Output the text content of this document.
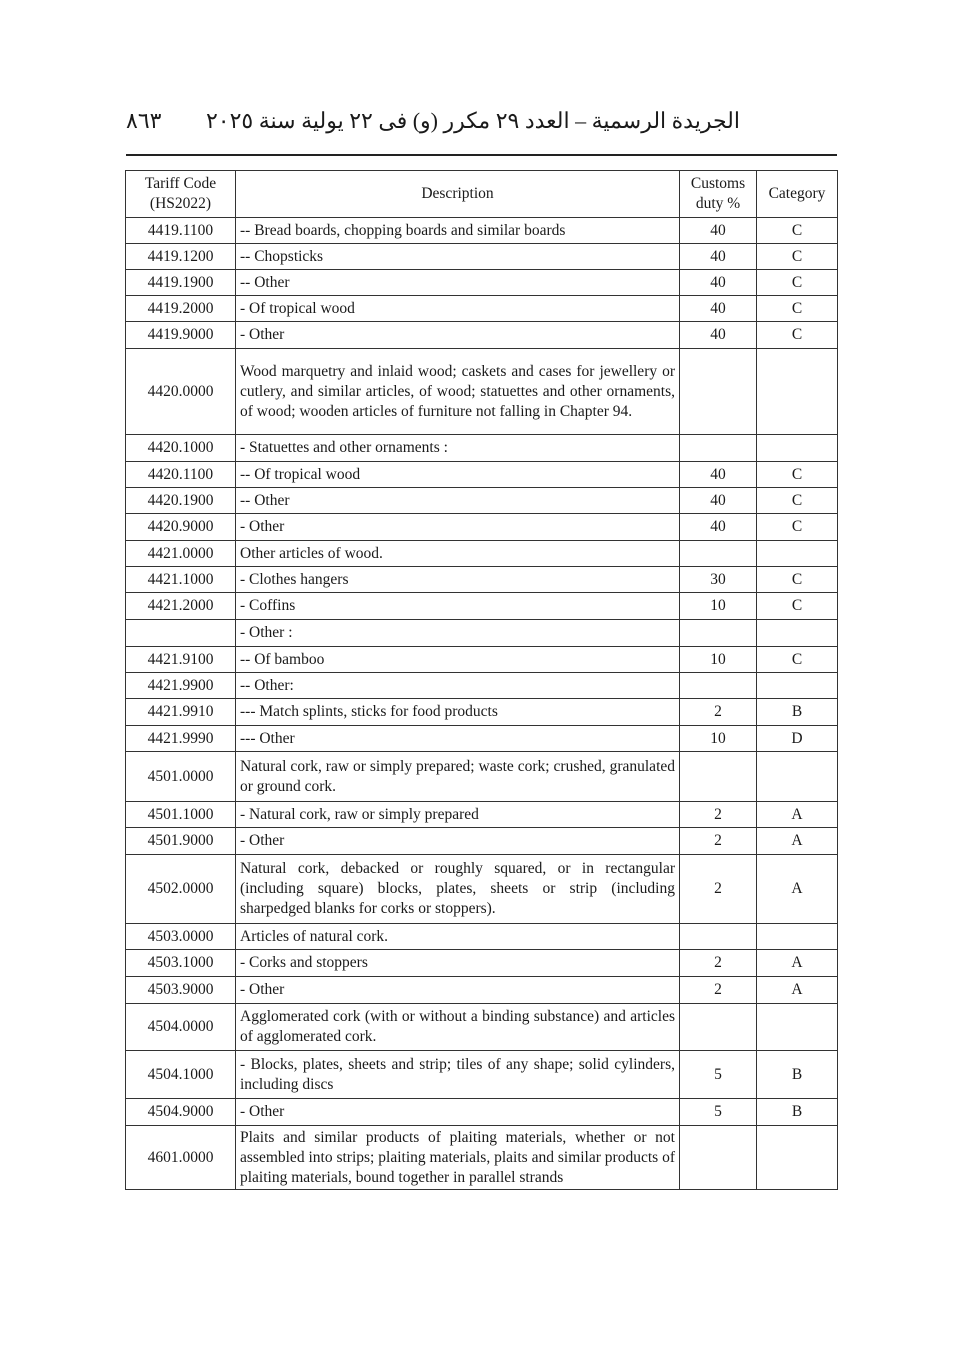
٨٦٣ الجريدة الرسمية – العدد ٢٩ مكرر (و) فى ٢٢ يولية سنة ٢٠٢٥
Tariff Code (HS2022)	Description	Customs duty %	Category
4419.1100	-- Bread boards, chopping boards and similar boards	40	C
4419.1200	-- Chopsticks	40	C
4419.1900	-- Other	40	C
4419.2000	- Of tropical wood	40	C
4419.9000	- Other	40	C
4420.0000	Wood marquetry and inlaid wood; caskets and cases for jewellery or cutlery, and similar articles, of wood; statuettes and other ornaments, of wood; wooden articles of furniture not falling in Chapter 94.		
4420.1000	- Statuettes and other ornaments :		
4420.1100	-- Of tropical wood	40	C
4420.1900	-- Other	40	C
4420.9000	- Other	40	C
4421.0000	Other articles of wood.		
4421.1000	- Clothes hangers	30	C
4421.2000	- Coffins	10	C
	- Other :		
4421.9100	-- Of bamboo	10	C
4421.9900	-- Other:		
4421.9910	--- Match splints, sticks for food products	2	B
4421.9990	--- Other	10	D
4501.0000	Natural cork, raw or simply prepared; waste cork; crushed, granulated or ground cork.		
4501.1000	- Natural cork, raw or simply prepared	2	A
4501.9000	- Other	2	A
4502.0000	Natural cork, debacked or roughly squared, or in rectangular (including square) blocks, plates, sheets or strip (including sharpedged blanks for corks or stoppers).	2	A
4503.0000	Articles of natural cork.		
4503.1000	- Corks and stoppers	2	A
4503.9000	- Other	2	A
4504.0000	Agglomerated cork (with or without a binding substance) and articles of agglomerated cork.		
4504.1000	- Blocks, plates, sheets and strip; tiles of any shape; solid cylinders, including discs	5	B
4504.9000	- Other	5	B
4601.0000	Plaits and similar products of plaiting materials, whether or not assembled into strips; plaiting materials, plaits and similar products of plaiting materials, bound together in parallel strands		
